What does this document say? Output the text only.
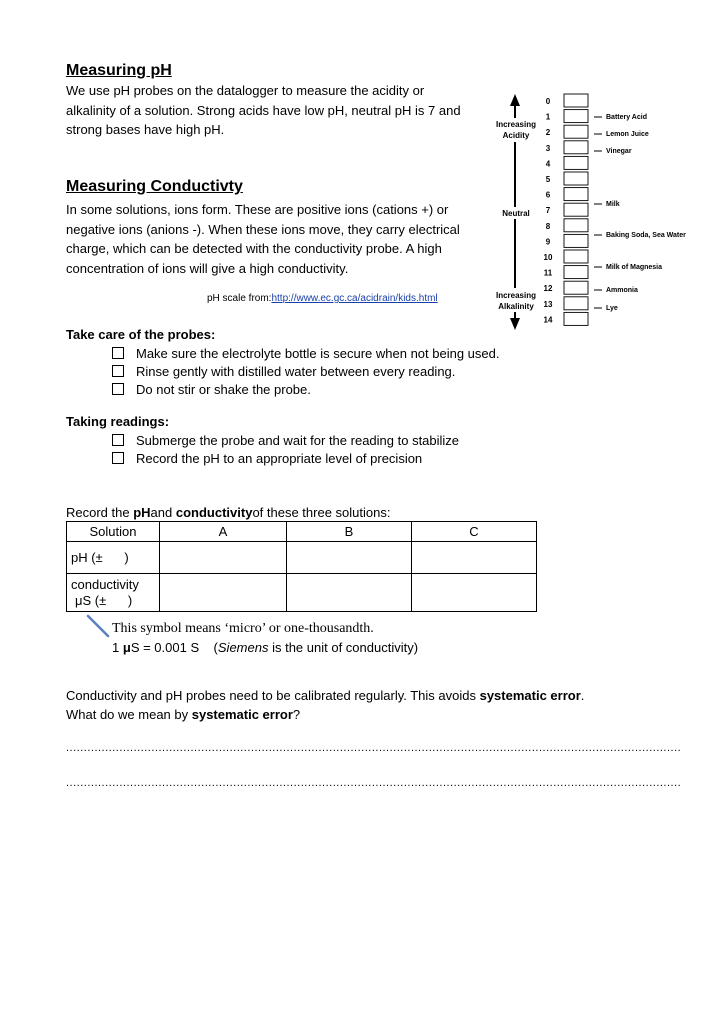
Measuring pH
We use pH probes on the datalogger to measure the acidity or
alkalinity of a solution. Strong acids have low pH, neutral pH is 7 and
strong bases have high pH.
Measuring Conductivty
In some solutions, ions form. These are positive ions (cations +) or
negative ions (anions -). When these ions move, they carry electrical
charge, which can be detected with the conductivity probe. A high
concentration of ions will give a high conductivity.
pH scale from:http://www.ec.gc.ca/acidrain/kids.html
Increasing
Acidity
Neutral
Increasing
Alkalinity
0
1
2
3
4
5
6
7
8
9
10
11
12
13
14
Battery Acid
Lemon Juice
Vinegar
Milk
Baking Soda, Sea Water
Milk of Magnesia
Ammonia
Lye
Take care of the probes:
Make sure the electrolyte bottle is secure when not being used.
Rinse gently with distilled water between every reading.
Do not stir or shake the probe.
Taking readings:
Submerge the probe and wait for the reading to stabilize
Record the pH to an appropriate level of precision
Record the pHand conductivityof these three solutions:
Solution	A	B	C
pH (±      )			

conductivity
μS (±      )			

This symbol means ‘micro’ or one-thousandth.
1 μS = 0.001 S    (Siemens is the unit of conductivity)
Conductivity and pH probes need to be calibrated regularly. This avoids systematic error.
What do we mean by systematic error?
.............................................................................................................................................................................
.............................................................................................................................................................................
